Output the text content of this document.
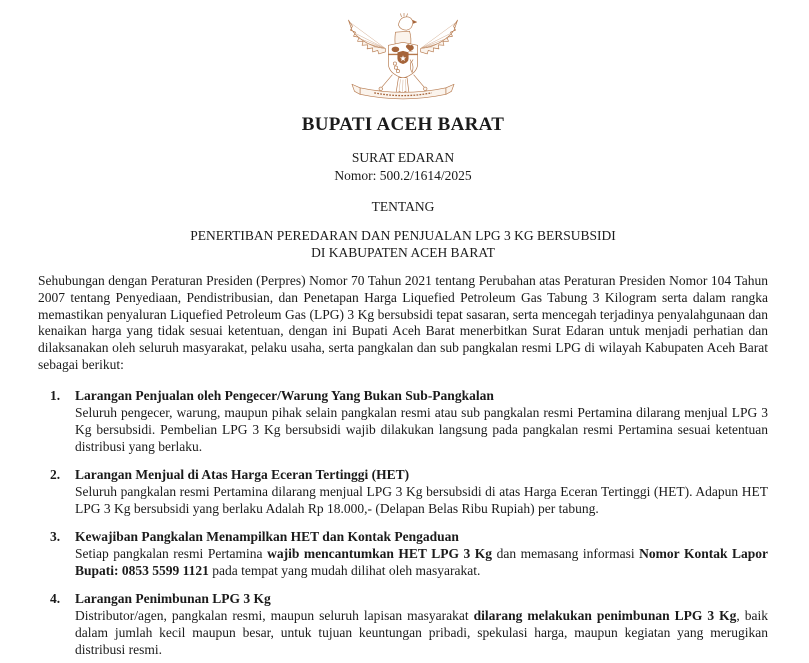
BUPATI ACEH BARAT
SURAT EDARAN
Nomor: 500.2/1614/2025
TENTANG
PENERTIBAN PEREDARAN DAN PENJUALAN LPG 3 KG BERSUBSIDI
DI KABUPATEN ACEH BARAT

Sehubungan dengan Peraturan Presiden (Perpres) Nomor 70 Tahun 2021 tentang Perubahan atas Peraturan Presiden Nomor 104 Tahun 2007 tentang Penyediaan, Pendistribusian, dan Penetapan Harga Liquefied Petroleum Gas Tabung 3 Kilogram serta dalam rangka memastikan penyaluran Liquefied Petroleum Gas (LPG) 3 Kg bersubsidi tepat sasaran, serta mencegah terjadinya penyalahgunaan dan kenaikan harga yang tidak sesuai ketentuan, dengan ini Bupati Aceh Barat menerbitkan Surat Edaran untuk menjadi perhatian dan dilaksanakan oleh seluruh masyarakat, pelaku usaha, serta pangkalan dan sub pangkalan resmi LPG di wilayah Kabupaten Aceh Barat sebagai berikut:

1.	Larangan Penjualan oleh Pengecer/Warung Yang Bukan Sub-Pangkalan
Seluruh pengecer, warung, maupun pihak selain pangkalan resmi atau sub pangkalan resmi Pertamina dilarang menjual LPG 3 Kg bersubsidi. Pembelian LPG 3 Kg bersubsidi wajib dilakukan langsung pada pangkalan resmi Pertamina sesuai ketentuan distribusi yang berlaku.
2.	Larangan Menjual di Atas Harga Eceran Tertinggi (HET)
Seluruh pangkalan resmi Pertamina dilarang menjual LPG 3 Kg bersubsidi di atas Harga Eceran Tertinggi (HET). Adapun HET LPG 3 Kg bersubsidi yang berlaku Adalah Rp 18.000,- (Delapan Belas Ribu Rupiah) per tabung.
3.	Kewajiban Pangkalan Menampilkan HET dan Kontak Pengaduan
Setiap pangkalan resmi Pertamina wajib mencantumkan HET LPG 3 Kg dan memasang informasi Nomor Kontak Lapor Bupati: 0853 5599 1121 pada tempat yang mudah dilihat oleh masyarakat.
4.	Larangan Penimbunan LPG 3 Kg
Distributor/agen, pangkalan resmi, maupun seluruh lapisan masyarakat dilarang melakukan penimbunan LPG 3 Kg, baik dalam jumlah kecil maupun besar, untuk tujuan keuntungan pribadi, spekulasi harga, maupun kegiatan yang merugikan distribusi resmi.
